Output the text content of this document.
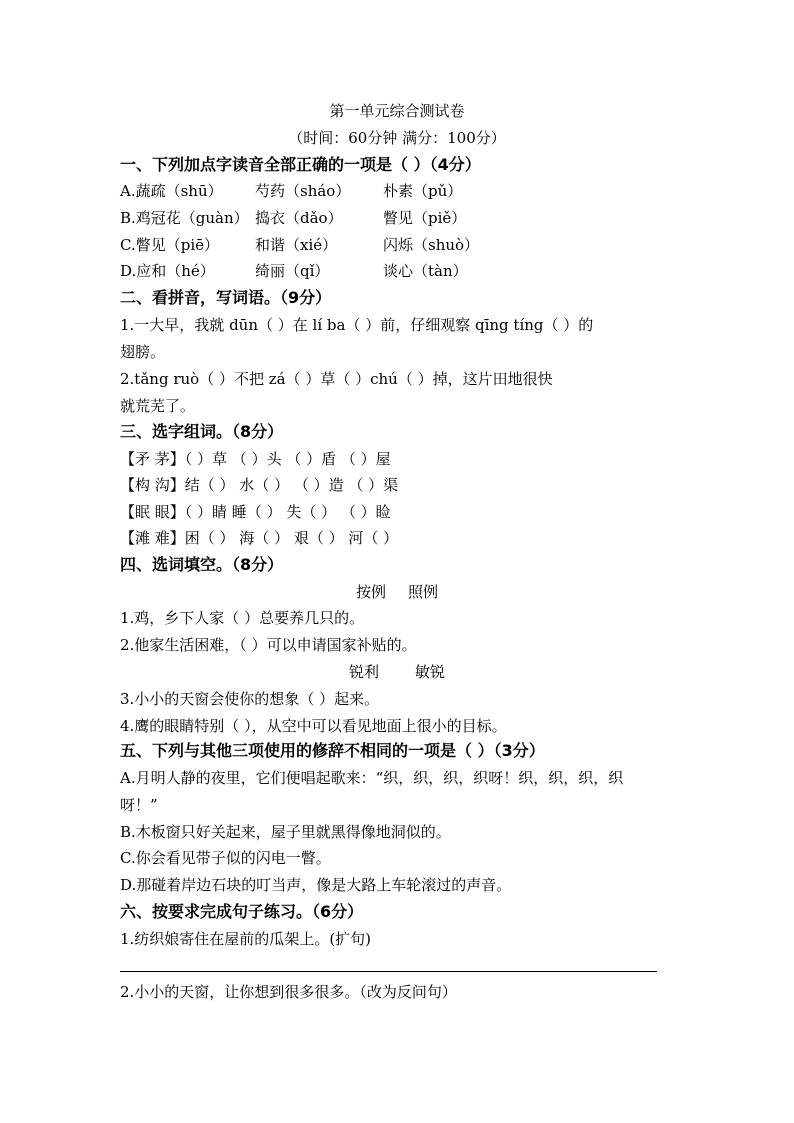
第一单元综合测试卷
（时间：60分钟 满分：100分）
一、下列加点字读音全部正确的一项是（ ）（4分）
A.蔬疏（shū） 芍药（sháo） 朴素（pǔ）
B.鸡冠花（guàn） 捣衣（dǎo）	瞥见（piě）
C.瞥见（piē） 和谐（xié）	闪烁（shuò）
D.应和（hé）	绮丽（qǐ）	谈心（tàn）
二、看拼音，写词语。（9分）
1.一大早，我就 dūn（ ）在 lí ba（ ）前，仔细观察 qīng tíng（ ）的
翅膀。
2.tǎng ruò（ ）不把 zá（ ）草（ ）chú（ ）掉，这片田地很快
就荒芜了。
三、选字组词。（8分）
【矛 茅】（ ）草 （ ）头 （ ）盾 （ ）屋
【构 沟】结（ ） 水（ ） （ ）造 （ ）渠
【眠 眼】（ ）睛 睡（ ） 失（ ） （ ）睑
【滩 难】困（ ） 海（ ） 艰（ ） 河（ ）
四、选词填空。（8分）
按例 照例
1.鸡，乡下人家（ ）总要养几只的。
2.他家生活困难，（ ）可以申请国家补贴的。
锐利 敏锐
3.小小的天窗会使你的想象（ ）起来。
4.鹰的眼睛特别（ ），从空中可以看见地面上很小的目标。
五、下列与其他三项使用的修辞不相同的一项是（ ）（3分）
A.月明人静的夜里，它们便唱起歌来：“织，织，织，织呀！织，织，织，织
呀！”
B.木板窗只好关起来，屋子里就黑得像地洞似的。
C.你会看见带子似的闪电一瞥。
D.那碰着岸边石块的叮当声，像是大路上车轮滚过的声音。
六、按要求完成句子练习。（6分）
1.纺织娘寄住在屋前的瓜架上。(扩句)
2.小小的天窗，让你想到很多很多。（改为反问句）
